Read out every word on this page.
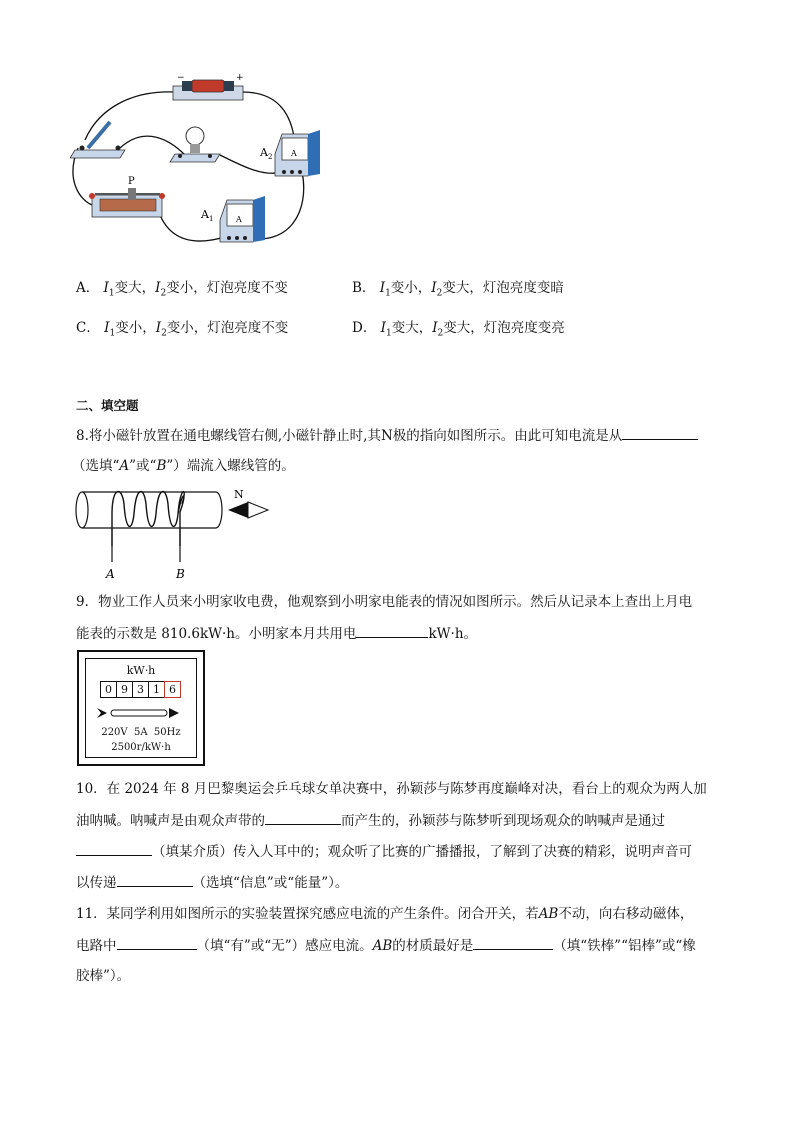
−	+
P
A
$A_2$
A
$A_1$
A． $I_1$变大，$I_2$变小，灯泡亮度不变	B． $I_1$变小，$I_2$变大，灯泡亮度变暗
C． $I_1$变小，$I_2$变小，灯泡亮度不变	D． $I_1$变大，$I_2$变大，灯泡亮度变亮
二、填空题
8.将小磁针放置在通电螺线管右侧,小磁针静止时,其N极的指向如图所示。由此可知电流是从
（选填“A”或“B”）端流入螺线管的。
A	B
N
9．物业工作人员来小明家收电费，他观察到小明家电能表的情况如图所示。然后从记录本上查出上月电
能表的示数是 810.6kW·h。小明家本月共用电	kW·h。
kW·h
0 9 3 1 6
220V  5A  50Hz
2500r/kW·h
10．在 2024 年 8 月巴黎奥运会乒乓球女单决赛中，孙颖莎与陈梦再度巅峰对决，看台上的观众为两人加
油呐喊。呐喊声是由观众声带的	而产生的，孙颖莎与陈梦听到现场观众的呐喊声是通过
（填某介质）传入人耳中的；观众听了比赛的广播播报，了解到了决赛的精彩，说明声音可
以传递	（选填“信息”或“能量”）。
11．某同学利用如图所示的实验装置探究感应电流的产生条件。闭合开关，若AB不动，向右移动磁体，
电路中	（填“有”或“无”）感应电流。AB的材质最好是	（填“铁棒”“铝棒”或“橡
胶棒”）。
